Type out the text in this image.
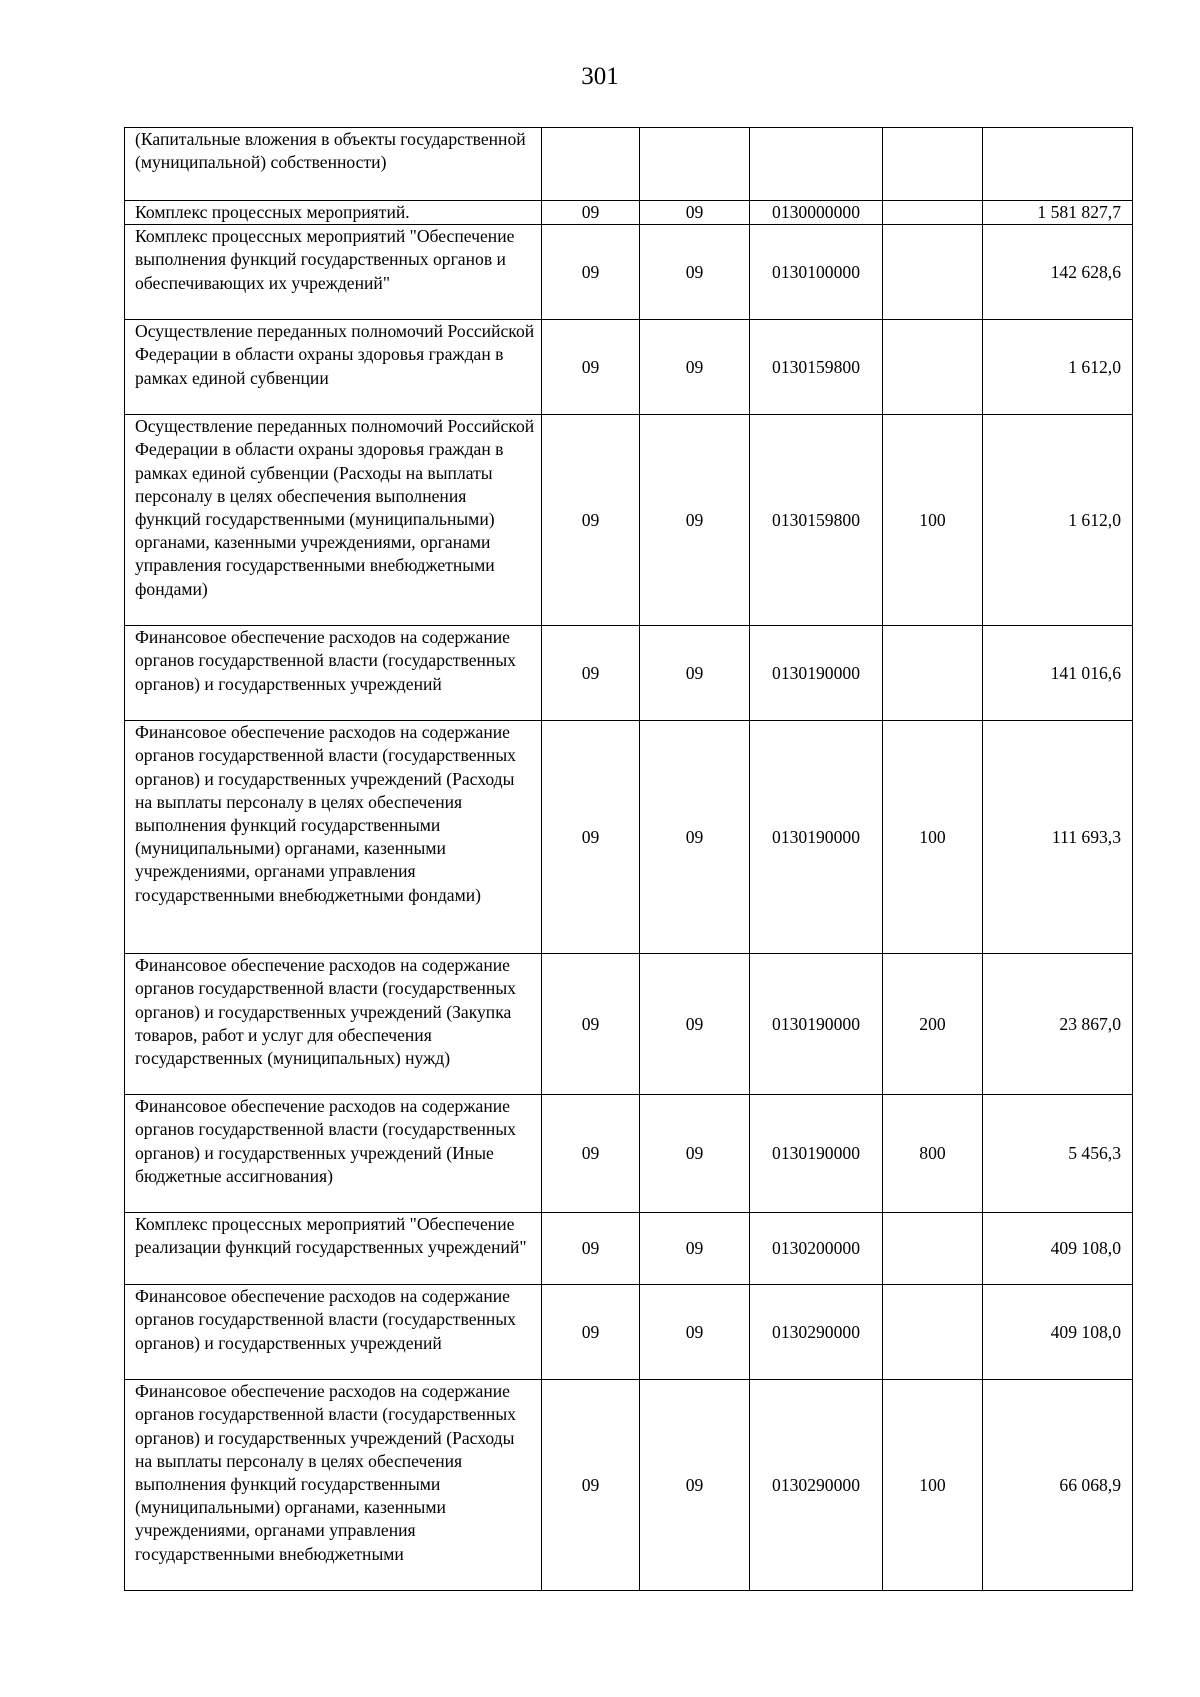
301
(Капитальные вложения в объекты государственной (муниципальной) собственности)					
Комплекс процессных мероприятий.	09	09	0130000000		1 581 827,7
Комплекс процессных мероприятий "Обеспечение выполнения функций государственных органов и обеспечивающих их учреждений"	09	09	0130100000		142 628,6
Осуществление переданных полномочий Российской Федерации в области охраны здоровья граждан в рамках единой субвенции	09	09	0130159800		1 612,0
Осуществление переданных полномочий Российской Федерации в области охраны здоровья граждан в рамках единой субвенции (Расходы на выплаты персоналу в целях обеспечения выполнения функций государственными (муниципальными) органами, казенными учреждениями, органами управления государственными внебюджетными фондами)	09	09	0130159800	100	1 612,0
Финансовое обеспечение расходов на содержание органов государственной власти (государственных органов) и государственных учреждений	09	09	0130190000		141 016,6
Финансовое обеспечение расходов на содержание органов государственной власти (государственных органов) и государственных учреждений (Расходы на выплаты персоналу в целях обеспечения выполнения функций государственными (муниципальными) органами, казенными учреждениями, органами управления государственными внебюджетными фондами)	09	09	0130190000	100	111 693,3
Финансовое обеспечение расходов на содержание органов государственной власти (государственных органов) и государственных учреждений (Закупка товаров, работ и услуг для обеспечения государственных (муниципальных) нужд)	09	09	0130190000	200	23 867,0
Финансовое обеспечение расходов на содержание органов государственной власти (государственных органов) и государственных учреждений (Иные бюджетные ассигнования)	09	09	0130190000	800	5 456,3
Комплекс процессных мероприятий "Обеспечение реализации функций государственных учреждений"	09	09	0130200000		409 108,0
Финансовое обеспечение расходов на содержание органов государственной власти (государственных органов) и государственных учреждений	09	09	0130290000		409 108,0
Финансовое обеспечение расходов на содержание органов государственной власти (государственных органов) и государственных учреждений (Расходы на выплаты персоналу в целях обеспечения выполнения функций государственными (муниципальными) органами, казенными учреждениями, органами управления государственными внебюджетными	09	09	0130290000	100	66 068,9
